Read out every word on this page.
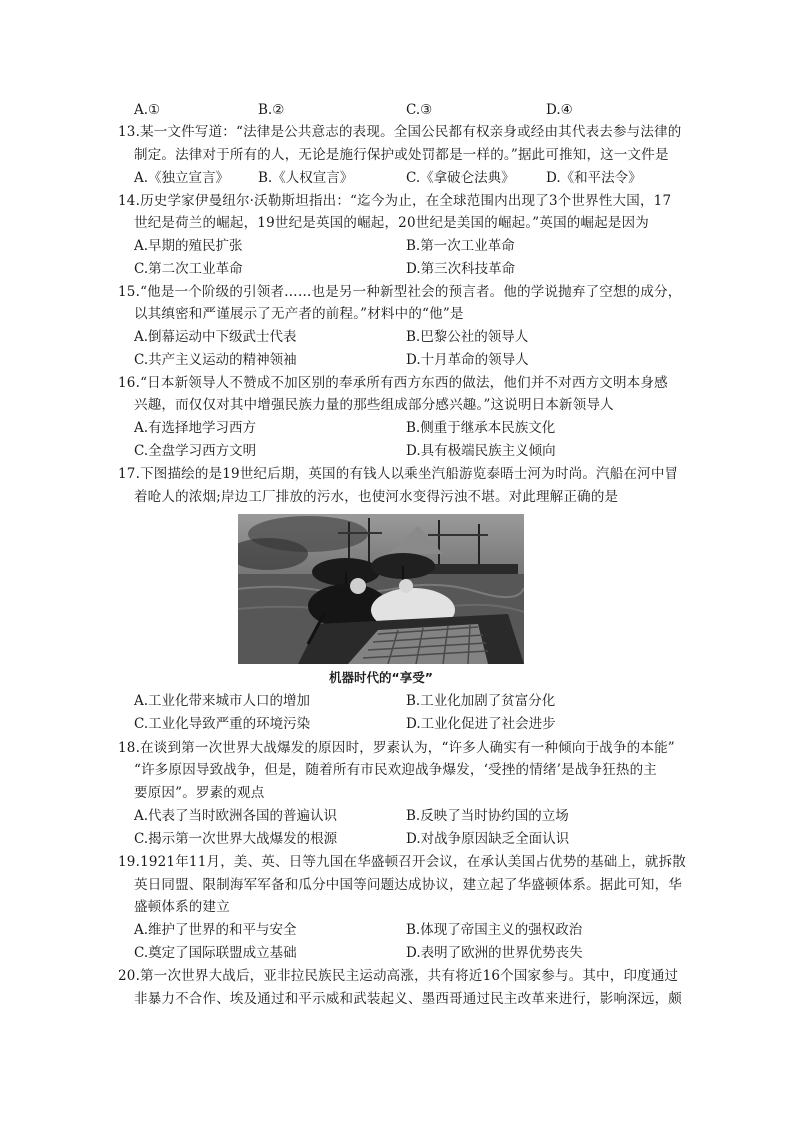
A.①	B.②	C.③	D.④
13.某一文件写道：“法律是公共意志的表现。全国公民都有权亲身或经由其代表去参与法律的
制定。法律对于所有的人，无论是施行保护或处罚都是一样的。”据此可推知，这一文件是
A.《独立宣言》 B.《人权宣言》	C.《拿破仑法典》 D.《和平法令》
14.历史学家伊曼纽尔·沃勒斯坦指出：“迄今为止，在全球范围内出现了3个世界性大国，17
世纪是荷兰的崛起，19世纪是英国的崛起，20世纪是美国的崛起。”英国的崛起是因为
A.早期的殖民扩张	B.第一次工业革命
C.第二次工业革命	D.第三次科技革命
15.“他是一个阶级的引领者……也是另一种新型社会的预言者。他的学说抛弃了空想的成分，
以其缜密和严谨展示了无产者的前程。”材料中的“他”是
A.倒幕运动中下级武士代表	B.巴黎公社的领导人
C.共产主义运动的精神领袖	D.十月革命的领导人
16.“日本新领导人不赞成不加区别的奉承所有西方东西的做法，他们并不对西方文明本身感
兴趣，而仅仅对其中增强民族力量的那些组成部分感兴趣。”这说明日本新领导人
A.有选择地学习西方	B.侧重于继承本民族文化
C.全盘学习西方文明	D.具有极端民族主义倾向
17.下图描绘的是19世纪后期，英国的有钱人以乘坐汽船游览泰晤士河为时尚。汽船在河中冒
着呛人的浓烟;岸边工厂排放的污水，也使河水变得污浊不堪。对此理解正确的是
机器时代的“享受”
A.工业化带来城市人口的增加	B.工业化加剧了贫富分化
C.工业化导致严重的环境污染	D.工业化促进了社会进步
18.在谈到第一次世界大战爆发的原因时，罗素认为，“许多人确实有一种倾向于战争的本能”
“许多原因导致战争，但是，随着所有市民欢迎战争爆发，‘受挫的情绪’是战争狂热的主
要原因”。罗素的观点
A.代表了当时欧洲各国的普遍认识	B.反映了当时协约国的立场
C.揭示第一次世界大战爆发的根源	D.对战争原因缺乏全面认识
19.1921年11月，美、英、日等九国在华盛顿召开会议，在承认美国占优势的基础上，就拆散
英日同盟、限制海军军备和瓜分中国等问题达成协议，建立起了华盛顿体系。据此可知，华
盛顿体系的建立
A.维护了世界的和平与安全	B.体现了帝国主义的强权政治
C.奠定了国际联盟成立基础	D.表明了欧洲的世界优势丧失
20.第一次世界大战后，亚非拉民族民主运动高涨，共有将近16个国家参与。其中，印度通过
非暴力不合作、埃及通过和平示威和武装起义、墨西哥通过民主改革来进行，影响深远，颇
